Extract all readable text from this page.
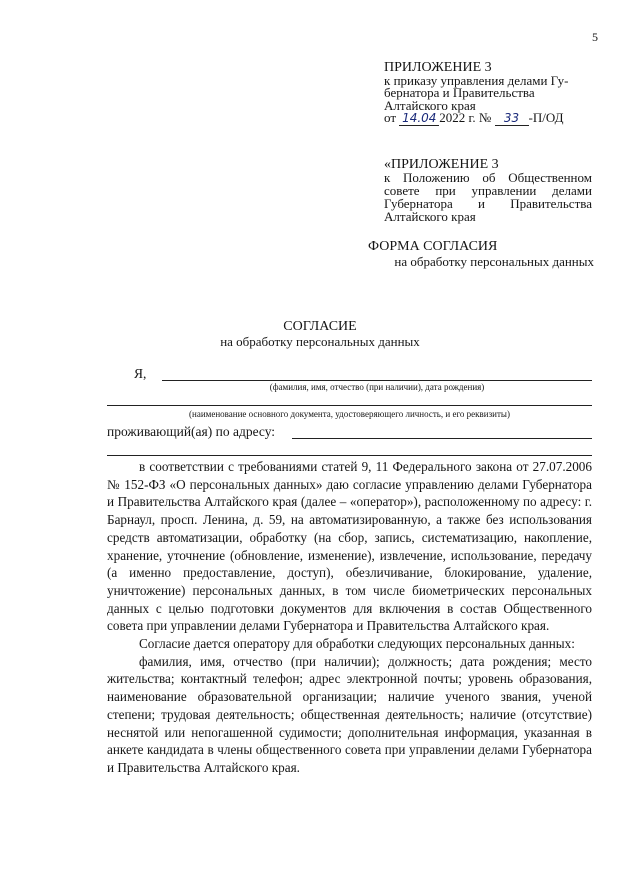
5
ПРИЛОЖЕНИЕ 3
к приказу управления делами Гу-
бернатора и Правительства
Алтайского края
от 14.04 2022 г. № 33 -П/ОД
«ПРИЛОЖЕНИЕ 3
к Положению об Общественном
совете при управлении делами
Губернатора и Правительства
Алтайского края
ФОРМА СОГЛАСИЯ
на обработку персональных данных
СОГЛАСИЕ
на обработку персональных данных
Я,
(фамилия, имя, отчество (при наличии), дата рождения)
(наименование основного документа, удостоверяющего личность, и его реквизиты)
проживающий(ая) по адресу:

в соответствии с требованиями статей 9, 11 Федерального закона от 27.07.2006 № 152-ФЗ «О персональных данных» даю согласие управлению делами Губернатора и Правительства Алтайского края (далее – «оператор»), расположенному по адресу: г. Барнаул, просп. Ленина, д. 59, на автоматизированную, а также без использования средств автоматизации, обработку (на сбор, запись, систематизацию, накопление, хранение, уточнение (обновление, изменение), извлечение, использование, передачу (а именно предоставление, доступ), обезличивание, блокирование, удаление, уничтожение) персональных данных, в том числе биометрических персональных данных с целью подготовки документов для включения в состав Общественного совета при управлении делами Губернатора и Правительства Алтайского края.

Согласие дается оператору для обработки следующих персональных данных:

фамилия, имя, отчество (при наличии); должность; дата рождения; место жительства; контактный телефон; адрес электронной почты; уровень образования, наименование образовательной организации; наличие ученого звания, ученой степени; трудовая деятельность; общественная деятельность; наличие (отсутствие) неснятой или непогашенной судимости; дополнительная информация, указанная в анкете кандидата в члены общественного совета при управлении делами Губернатора и Правительства Алтайского края.
